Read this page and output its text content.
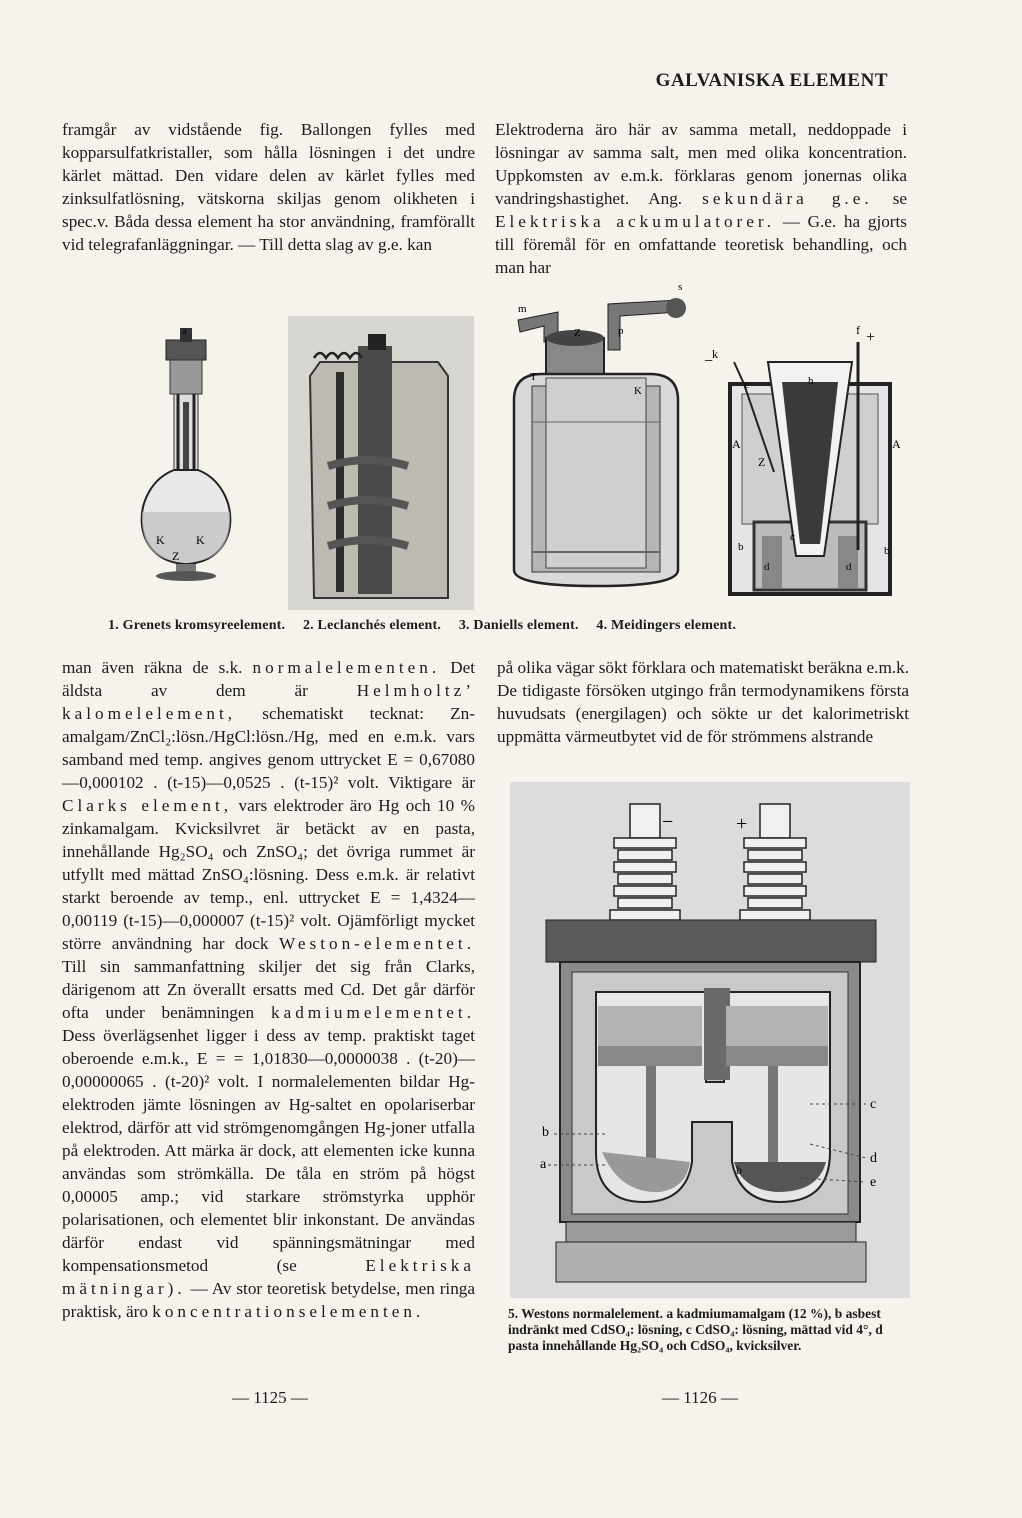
GALVANISKA ELEMENT

framgår av vidstående fig. Ballongen fylles med kopparsulfatkristaller, som hålla lösningen i det undre kärlet mättad. Den vidare delen av kärlet fylles med zinksulfatlösning, vätskorna skiljas genom olikheten i spec.v. Båda dessa element ha stor användning, framförallt vid telegrafanläggningar. — Till detta slag av g.e. kan

Elektroderna äro här av samma metall, neddoppade i lösningar av samma salt, men med olika koncentration. Uppkomsten av e.m.k. förklaras genom jonernas olika vandringshastighet. Ang. sekundära g.e. se Elektriska ackumulatorer. — G.e. ha gjorts till föremål för en omfattande teoretisk behandling, och man har

a
K	K
Z
m
s
Z	p
T
K
f +
−
k
c	h
A	A
Z
b	b
c
d	d
1. Grenets kromsyreelement. 2. Leclanchés element. 3. Daniells element. 4. Meidingers element.

man även räkna de s.k. normalelementen. Det äldsta av dem är	Helmholtz’ kalomelelement, schematiskt tecknat: Zn-amalgam/ZnCl₂:lösn./HgCl:lösn./Hg, med en e.m.k. vars samband med temp. angives genom uttrycket E = 0,67080—0,000102 . (t-15)—0,0525 . (t-15)² volt. Viktigare är Clarks element, vars elektroder äro Hg och 10 % zinkamalgam. Kvicksilvret är betäckt av en pasta, innehållande Hg₂SO₄ och ZnSO₄; det övriga rummet är utfyllt med mättad ZnSO₄:lösning. Dess e.m.k. är relativt starkt beroende av temp., enl. uttrycket E = 1,4324—0,00119 (t-15)—0,000007 (t-15)² volt. Ojämförligt mycket större användning har dock Weston-elementet. Till sin sammanfattning skiljer det sig från Clarks, därigenom att Zn överallt ersatts med Cd. Det går därför ofta under benämningen kadmiumelementet. Dess överlägsenhet ligger i dess av temp. praktiskt taget oberoende e.m.k., E = = 1,01830—0,0000038 . (t-20)—0,00000065 . (t-20)² volt. I normalelementen bildar Hg-elektroden jämte lösningen av Hg-saltet en opolariserbar elektrod, därför att vid strömgenomgången Hg-joner utfalla på elektroden. Att märka är dock, att elementen icke kunna användas som strömkälla. De tåla en ström på högst 0,00005 amp.; vid starkare strömstyrka upphör polarisationen, och elementet blir inkonstant. De användas därför endast vid spänningsmätningar med kompensationsmetod (se	Elektriska mätningar). — Av stor teoretisk betydelse, men ringa praktisk, äro koncentrationselementen.

på olika vägar sökt förklara och matematiskt beräkna e.m.k. De tidigaste försöken utgingo från termodynamikens första huvudsats (energilagen) och sökte ur det kalorimetriskt uppmätta värmeutbytet vid de för strömmens alstrande

−	+
b
a	b
c
d
e
5. Westons normalelement. a kadmiumamalgam (12 %), b asbest indränkt med CdSO₄: lösning, c CdSO₄: lösning, mättad vid 4°, d pasta innehållande Hg₂SO₄ och CdSO₄, kvicksilver.
— 1125 —	— 1126 —
